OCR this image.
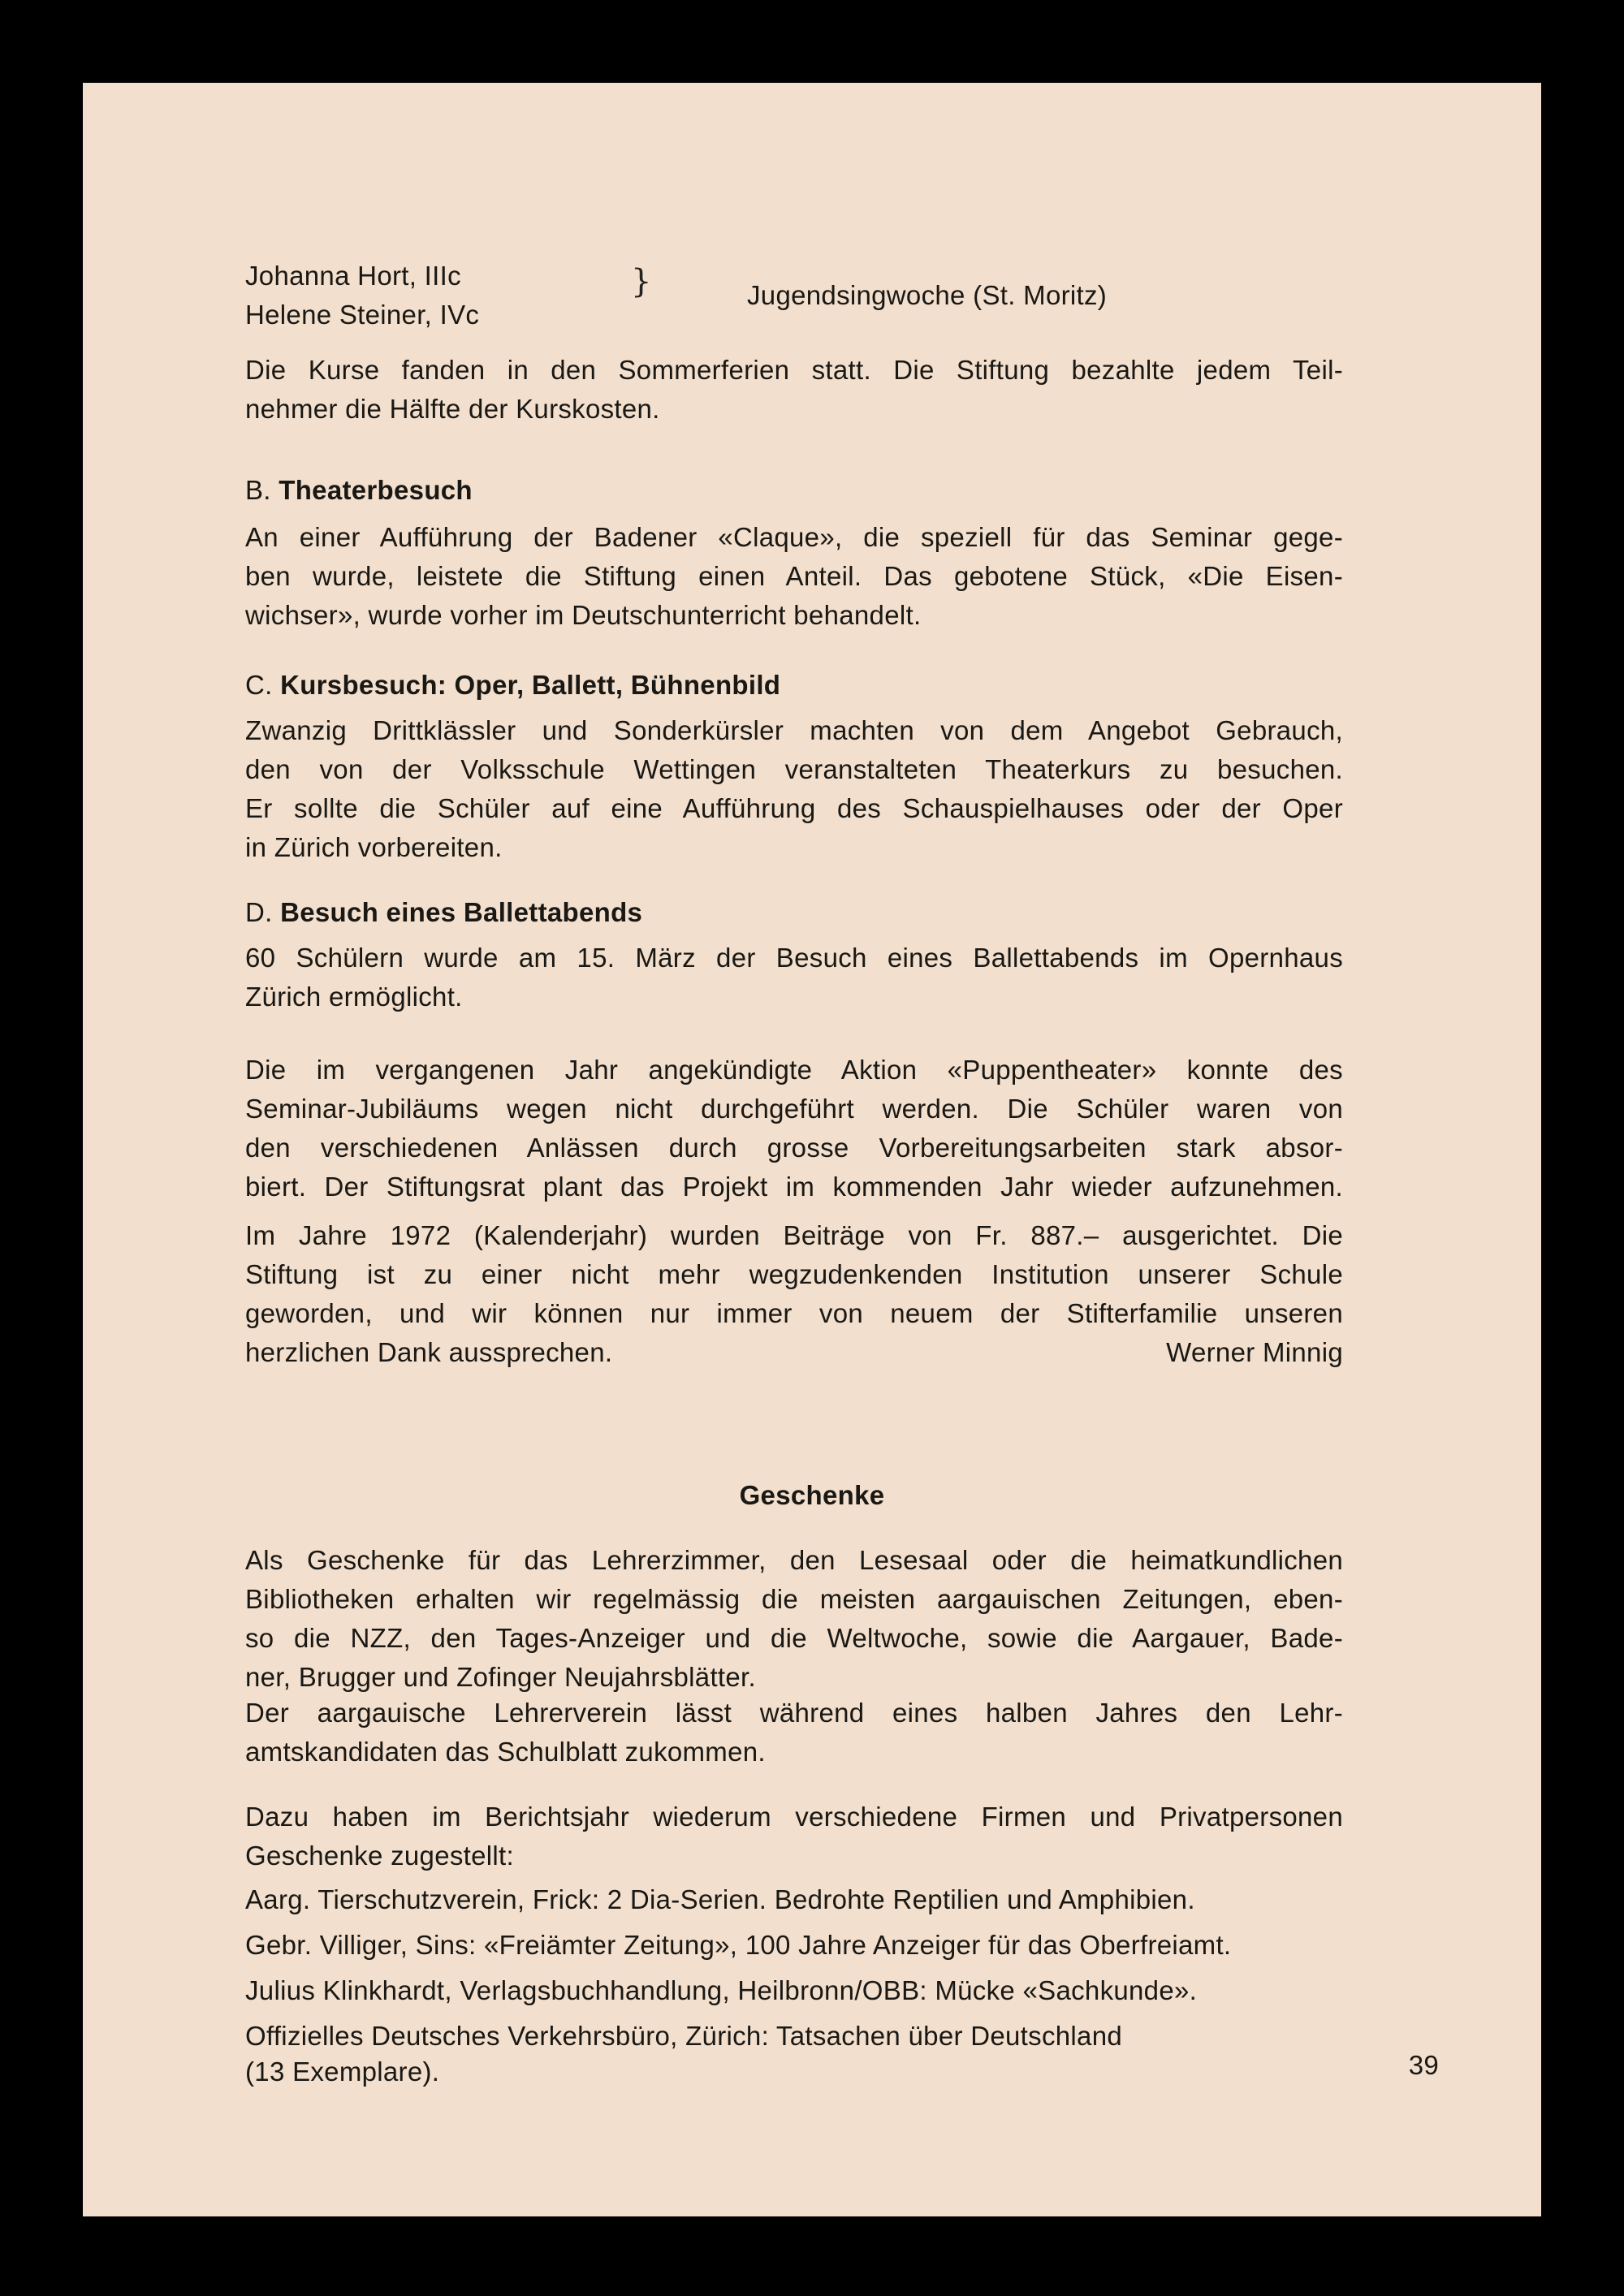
Johanna Hort, IIIc
Helene Steiner, IVc
}	Jugendsingwoche (St. Moritz)
Die Kurse fanden in den Sommerferien statt. Die Stiftung bezahlte jedem Teil-
nehmer die Hälfte der Kurskosten.
B. Theaterbesuch
An einer Aufführung der Badener «Claque», die speziell für das Seminar gege-
ben wurde, leistete die Stiftung einen Anteil. Das gebotene Stück, «Die Eisen-
wichser», wurde vorher im Deutschunterricht behandelt.
C. Kursbesuch: Oper, Ballett, Bühnenbild
Zwanzig Drittklässler und Sonderkürsler machten von dem Angebot Gebrauch,
den von der Volksschule Wettingen veranstalteten Theaterkurs zu besuchen.
Er sollte die Schüler auf eine Aufführung des Schauspielhauses oder der Oper
in Zürich vorbereiten.
D. Besuch eines Ballettabends
60 Schülern wurde am 15. März der Besuch eines Ballettabends im Opernhaus
Zürich ermöglicht.
Die im vergangenen Jahr angekündigte Aktion «Puppentheater» konnte des
Seminar-Jubiläums wegen nicht durchgeführt werden. Die Schüler waren von
den verschiedenen Anlässen durch grosse Vorbereitungsarbeiten stark absor-
biert. Der Stiftungsrat plant das Projekt im kommenden Jahr wieder aufzunehmen.
Im Jahre 1972 (Kalenderjahr) wurden Beiträge von Fr. 887.– ausgerichtet. Die
Stiftung ist zu einer nicht mehr wegzudenkenden Institution unserer Schule
geworden, und wir können nur immer von neuem der Stifterfamilie unseren
herzlichen Dank aussprechen.	Werner Minnig
Geschenke
Als Geschenke für das Lehrerzimmer, den Lesesaal oder die heimatkundlichen
Bibliotheken erhalten wir regelmässig die meisten aargauischen Zeitungen, eben-
so die NZZ, den Tages-Anzeiger und die Weltwoche, sowie die Aargauer, Bade-
ner, Brugger und Zofinger Neujahrsblätter.
Der aargauische Lehrerverein lässt während eines halben Jahres den Lehr-
amtskandidaten das Schulblatt zukommen.
Dazu haben im Berichtsjahr wiederum verschiedene Firmen und Privatpersonen
Geschenke zugestellt:
Aarg. Tierschutzverein, Frick: 2 Dia-Serien. Bedrohte Reptilien und Amphibien.
Gebr. Villiger, Sins: «Freiämter Zeitung», 100 Jahre Anzeiger für das Oberfreiamt.
Julius Klinkhardt, Verlagsbuchhandlung, Heilbronn/OBB: Mücke «Sachkunde».
Offizielles Deutsches Verkehrsbüro, Zürich: Tatsachen über Deutschland
(13 Exemplare).	39
